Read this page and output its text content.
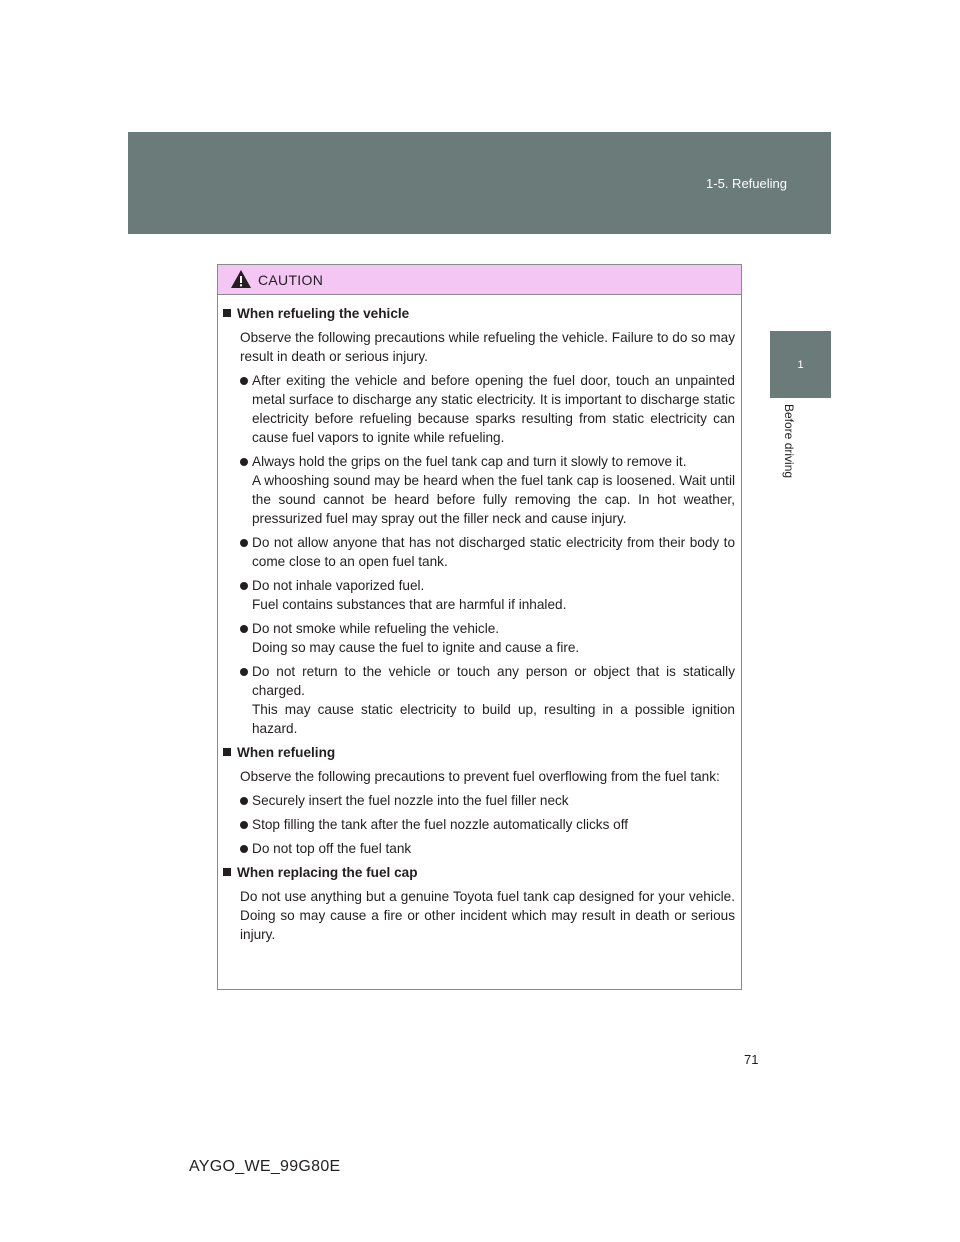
1-5. Refueling
1
Before driving
CAUTION
When refueling the vehicle
Observe the following precautions while refueling the vehicle. Failure to do so may result in death or serious injury.
After exiting the vehicle and before opening the fuel door, touch an unpainted metal surface to discharge any static electricity. It is important to discharge static electricity before refueling because sparks resulting from static electricity can cause fuel vapors to ignite while refueling.
Always hold the grips on the fuel tank cap and turn it slowly to remove it.
A whooshing sound may be heard when the fuel tank cap is loosened. Wait until the sound cannot be heard before fully removing the cap. In hot weather, pressurized fuel may spray out the filler neck and cause injury.
Do not allow anyone that has not discharged static electricity from their body to come close to an open fuel tank.
Do not inhale vaporized fuel.
Fuel contains substances that are harmful if inhaled.
Do not smoke while refueling the vehicle.
Doing so may cause the fuel to ignite and cause a fire.
Do not return to the vehicle or touch any person or object that is statically charged.
This may cause static electricity to build up, resulting in a possible ignition hazard.
When refueling
Observe the following precautions to prevent fuel overflowing from the fuel tank:
Securely insert the fuel nozzle into the fuel filler neck
Stop filling the tank after the fuel nozzle automatically clicks off
Do not top off the fuel tank
When replacing the fuel cap
Do not use anything but a genuine Toyota fuel tank cap designed for your vehicle. Doing so may cause a fire or other incident which may result in death or serious injury.
71
AYGO_WE_99G80E
